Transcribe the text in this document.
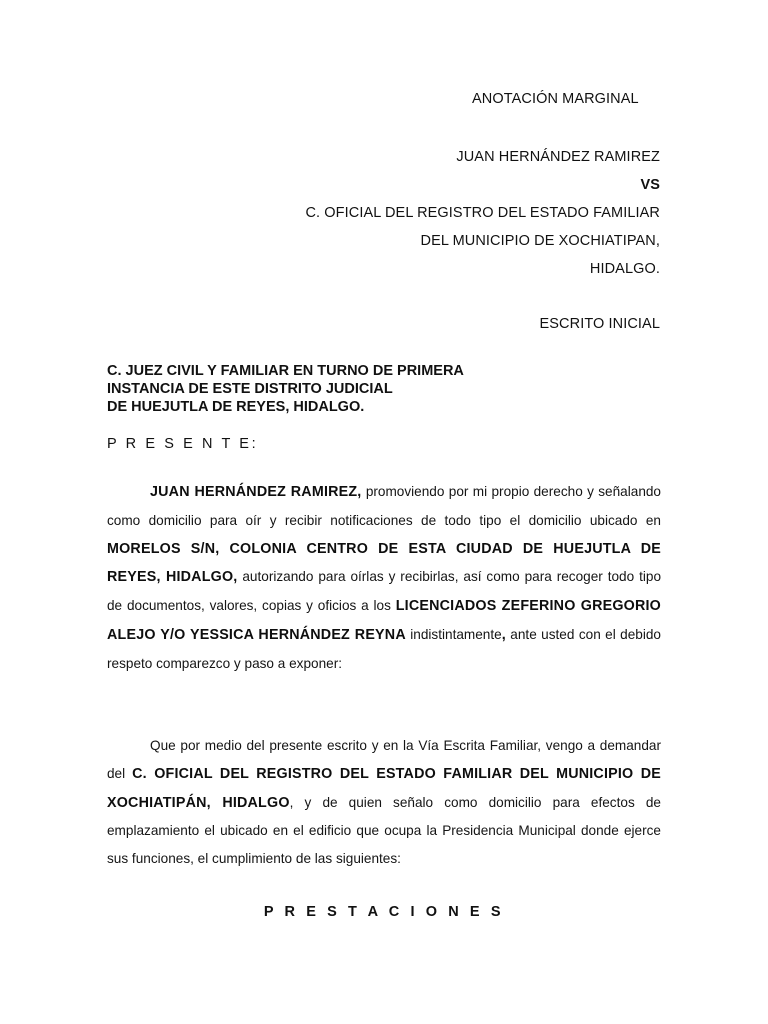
ANOTACIÓN MARGINAL

JUAN HERNÁNDEZ RAMIREZ

VS

C. OFICIAL DEL REGISTRO DEL ESTADO FAMILIAR

DEL MUNICIPIO DE XOCHIATIPAN,

HIDALGO.

ESCRITO INICIAL

C. JUEZ CIVIL Y FAMILIAR EN TURNO DE PRIMERA
INSTANCIA DE ESTE DISTRITO JUDICIAL
DE HUEJUTLA DE REYES, HIDALGO.

P R E S E N T E:

JUAN HERNÁNDEZ RAMIREZ, promoviendo por mi propio derecho y señalando como domicilio para oír y recibir notificaciones de todo tipo el domicilio ubicado en MORELOS S/N, COLONIA CENTRO DE ESTA CIUDAD DE HUEJUTLA DE REYES, HIDALGO, autorizando para oírlas y recibirlas, así como para recoger todo tipo de documentos, valores, copias y oficios a los LICENCIADOS ZEFERINO GREGORIO ALEJO Y/O YESSICA HERNÁNDEZ REYNA indistintamente, ante usted con el debido respeto comparezco y paso a exponer:

Que por medio del presente escrito y en la Vía Escrita Familiar, vengo a demandar del C. OFICIAL DEL REGISTRO DEL ESTADO FAMILIAR DEL MUNICIPIO DE XOCHIATIPÁN, HIDALGO, y de quien señalo como domicilio para efectos de emplazamiento el ubicado en el edificio que ocupa la Presidencia Municipal donde ejerce sus funciones, el cumplimiento de las siguientes:

P R E S T A C I O N E S
